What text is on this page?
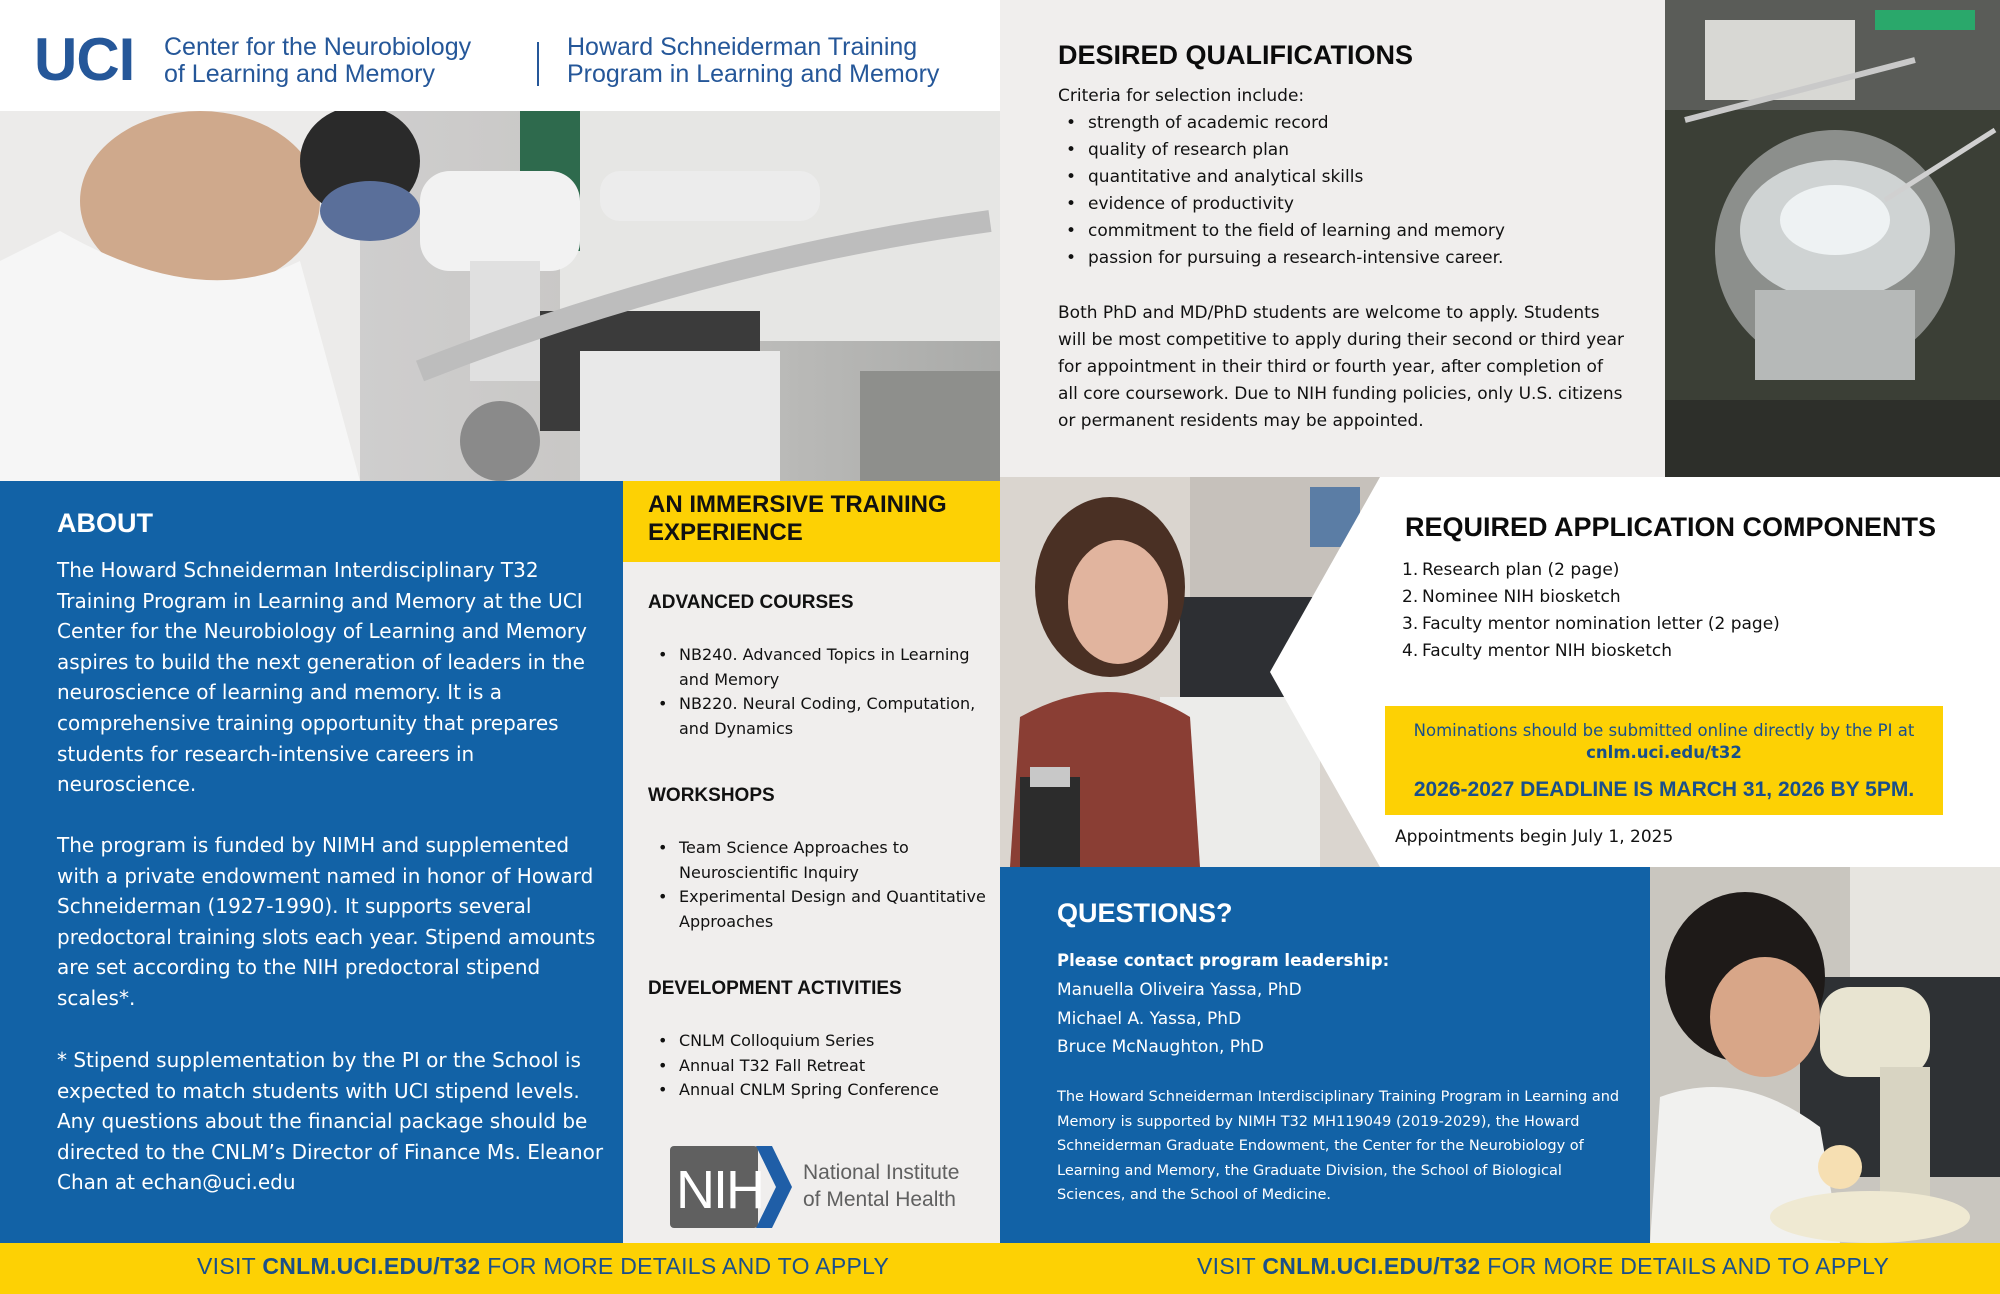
UCI Center for the Neurobiology
of Learning and Memory
Howard Schneiderman Training
Program in Learning and Memory
DESIRED QUALIFICATIONS
Criteria for selection include:
• strength of academic record
• quality of research plan
• quantitative and analytical skills
• evidence of productivity
• commitment to the field of learning and memory
• passion for pursuing a research-intensive career.
Both PhD and MD/PhD students are welcome to apply. Students will be most competitive to apply during their second or third year for appointment in their third or fourth year, after completion of all core coursework. Due to NIH funding policies, only U.S. citizens or permanent residents may be appointed.
ABOUT
The Howard Schneiderman Interdisciplinary T32 Training Program in Learning and Memory at the UCI Center for the Neurobiology of Learning and Memory aspires to build the next generation of leaders in the neuroscience of learning and memory. It is a comprehensive training opportunity that prepares students for research-intensive careers in neuroscience.
The program is funded by NIMH and supplemented with a private endowment named in honor of Howard Schneiderman (1927-1990). It supports several predoctoral training slots each year. Stipend amounts are set according to the NIH predoctoral stipend scales*.
* Stipend supplementation by the PI or the School is expected to match students with UCI stipend levels. Any questions about the financial package should be directed to the CNLM’s Director of Finance Ms. Eleanor Chan at echan@uci.edu
AN IMMERSIVE TRAINING EXPERIENCE
ADVANCED COURSES
• NB240. Advanced Topics in Learning and Memory
• NB220. Neural Coding, Computation, and Dynamics
WORKSHOPS
• Team Science Approaches to Neuroscientific Inquiry
• Experimental Design and Quantitative Approaches
DEVELOPMENT ACTIVITIES
• CNLM Colloquium Series
• Annual T32 Fall Retreat
• Annual CNLM Spring Conference
NIH National Institute
of Mental Health
REQUIRED APPLICATION COMPONENTS
1. Research plan (2 page)
2. Nominee NIH biosketch
3. Faculty mentor nomination letter (2 page)
4. Faculty mentor NIH biosketch
Nominations should be submitted online directly by the PI at
cnlm.uci.edu/t32
2026-2027 DEADLINE IS MARCH 31, 2026 BY 5PM.
Appointments begin July 1, 2025
QUESTIONS?
Please contact program leadership:
Manuella Oliveira Yassa, PhD
Michael A. Yassa, PhD
Bruce McNaughton, PhD
The Howard Schneiderman Interdisciplinary Training Program in Learning and Memory is supported by NIMH T32 MH119049 (2019-2029), the Howard Schneiderman Graduate Endowment, the Center for the Neurobiology of Learning and Memory, the Graduate Division, the School of Biological Sciences, and the School of Medicine.
VISIT CNLM.UCI.EDU/T32 FOR MORE DETAILS AND TO APPLY	VISIT CNLM.UCI.EDU/T32 FOR MORE DETAILS AND TO APPLY
